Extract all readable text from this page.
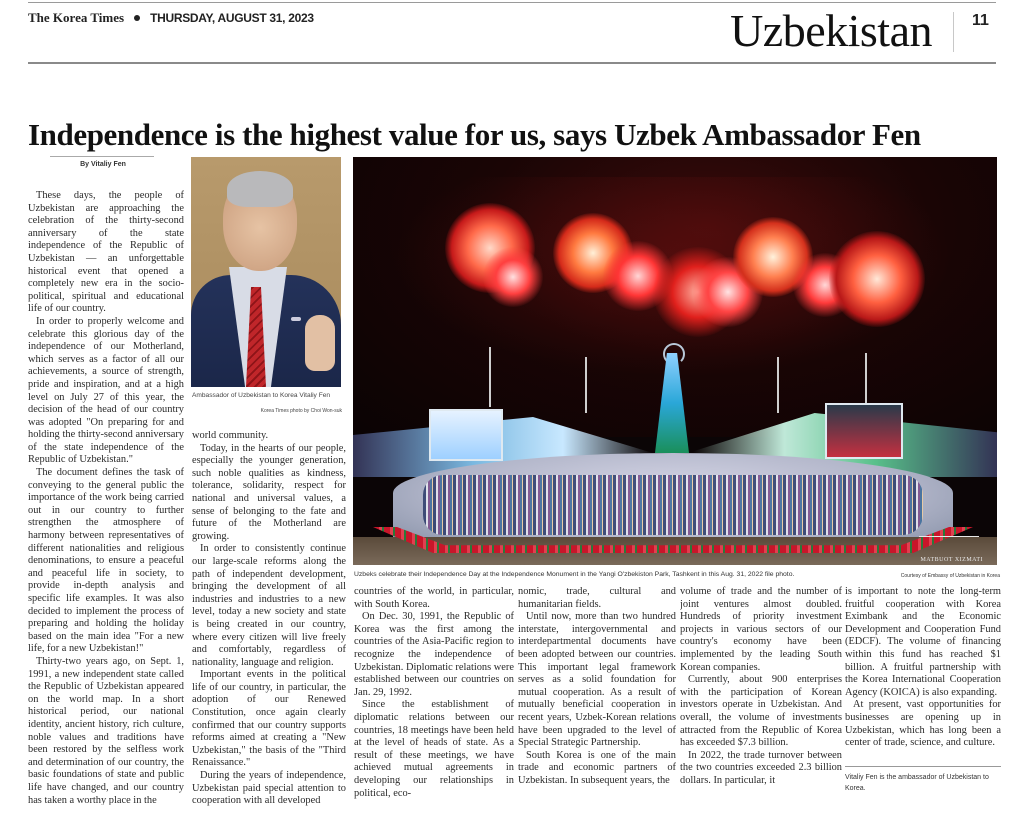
The Korea Times THURSDAY, AUGUST 31, 2023	Uzbekistan	11
Independence is the highest value for us, says Uzbek Ambassador Fen
By Vitaliy Fen

These days, the people of Uzbekistan are approaching the celebration of the thirty-second anniversary of the state independence of the Republic of Uzbekistan — an unforgettable historical event that opened a completely new era in the socio-political, spiritual and educational life of our country.

In order to properly welcome and celebrate this glorious day of the independence of our Motherland, which serves as a factor of all our achievements, a source of strength, pride and inspiration, and at a high level on July 27 of this year, the decision of the head of our country was adopted "On preparing for and holding the thirty-second anniversary of the state independence of the Republic of Uzbekistan."

The document defines the task of conveying to the general public the importance of the work being carried out in our country to further strengthen the atmosphere of harmony between representatives of different nationalities and religious denominations, to ensure a peaceful and peaceful life in society, to provide in-depth analysis and specific life examples. It was also decided to implement the process of preparing and holding the holiday based on the main idea "For a new life, for a new Uzbekistan!"

Thirty-two years ago, on Sept. 1, 1991, a new independent state called the Republic of Uzbekistan appeared on the world map. In a short historical period, our national identity, ancient history, rich culture, noble values and traditions have been restored by the selfless work and determination of our country, the basic foundations of state and public life have changed, and our country has taken a worthy place in the

Ambassador of Uzbekistan to Korea Vitaliy Fen
Korea Times photo by Choi Won-suk
MATBUOT XIZMATI
Uzbeks celebrate their Independence Day at the Independence Monument in the Yangi O'zbekiston Park, Tashkent in this Aug. 31, 2022 file photo.	Courtesy of Embassy of Uzbekistan in Korea

world community.

Today, in the hearts of our people, especially the younger generation, such noble qualities as kindness, tolerance, solidarity, respect for national and universal values, a sense of belonging to the fate and future of the Motherland are growing.

In order to consistently continue our large-scale reforms along the path of independent development, bringing the development of all industries and industries to a new level, today a new society and state is being created in our country, where every citizen will live freely and comfortably, regardless of nationality, language and religion.

Important events in the political life of our country, in particular, the adoption of our Renewed Constitution, once again clearly confirmed that our country supports reforms aimed at creating a "New Uzbekistan," the basis of the "Third Renaissance."

During the years of independence, Uzbekistan paid special attention to cooperation with all developed

countries of the world, in particular, with South Korea.

On Dec. 30, 1991, the Republic of Korea was the first among the countries of the Asia-Pacific region to recognize the independence of Uzbekistan. Diplomatic relations were established between our countries on Jan. 29, 1992.

Since the establishment of diplomatic relations between our countries, 18 meetings have been held at the level of heads of state. As a result of these meetings, we have achieved mutual agreements in developing our relationships in political, eco-

nomic, trade, cultural and humanitarian fields.

Until now, more than two hundred interstate, intergovernmental and interdepartmental documents have been adopted between our countries. This important legal framework serves as a solid foundation for mutual cooperation. As a result of mutually beneficial cooperation in recent years, Uzbek-Korean relations have been upgraded to the level of Special Strategic Partnership.

South Korea is one of the main trade and economic partners of Uzbekistan. In subsequent years, the

volume of trade and the number of joint ventures almost doubled. Hundreds of priority investment projects in various sectors of our country's economy have been implemented by the leading South Korean companies.

Currently, about 900 enterprises with the participation of Korean investors operate in Uzbekistan. And overall, the volume of investments attracted from the Republic of Korea has exceeded $7.3 billion.

In 2022, the trade turnover between the two countries exceeded 2.3 billion dollars. In particular, it

is important to note the long-term fruitful cooperation with Korea Eximbank and the Economic Development and Cooperation Fund (EDCF). The volume of financing within this fund has reached $1 billion. A fruitful partnership with the Korea International Cooperation Agency (KOICA) is also expanding.

At present, vast opportunities for businesses are opening up in Uzbekistan, which has long been a center of trade, science, and culture.

Vitaliy Fen is the ambassador of Uzbekistan to Korea.
